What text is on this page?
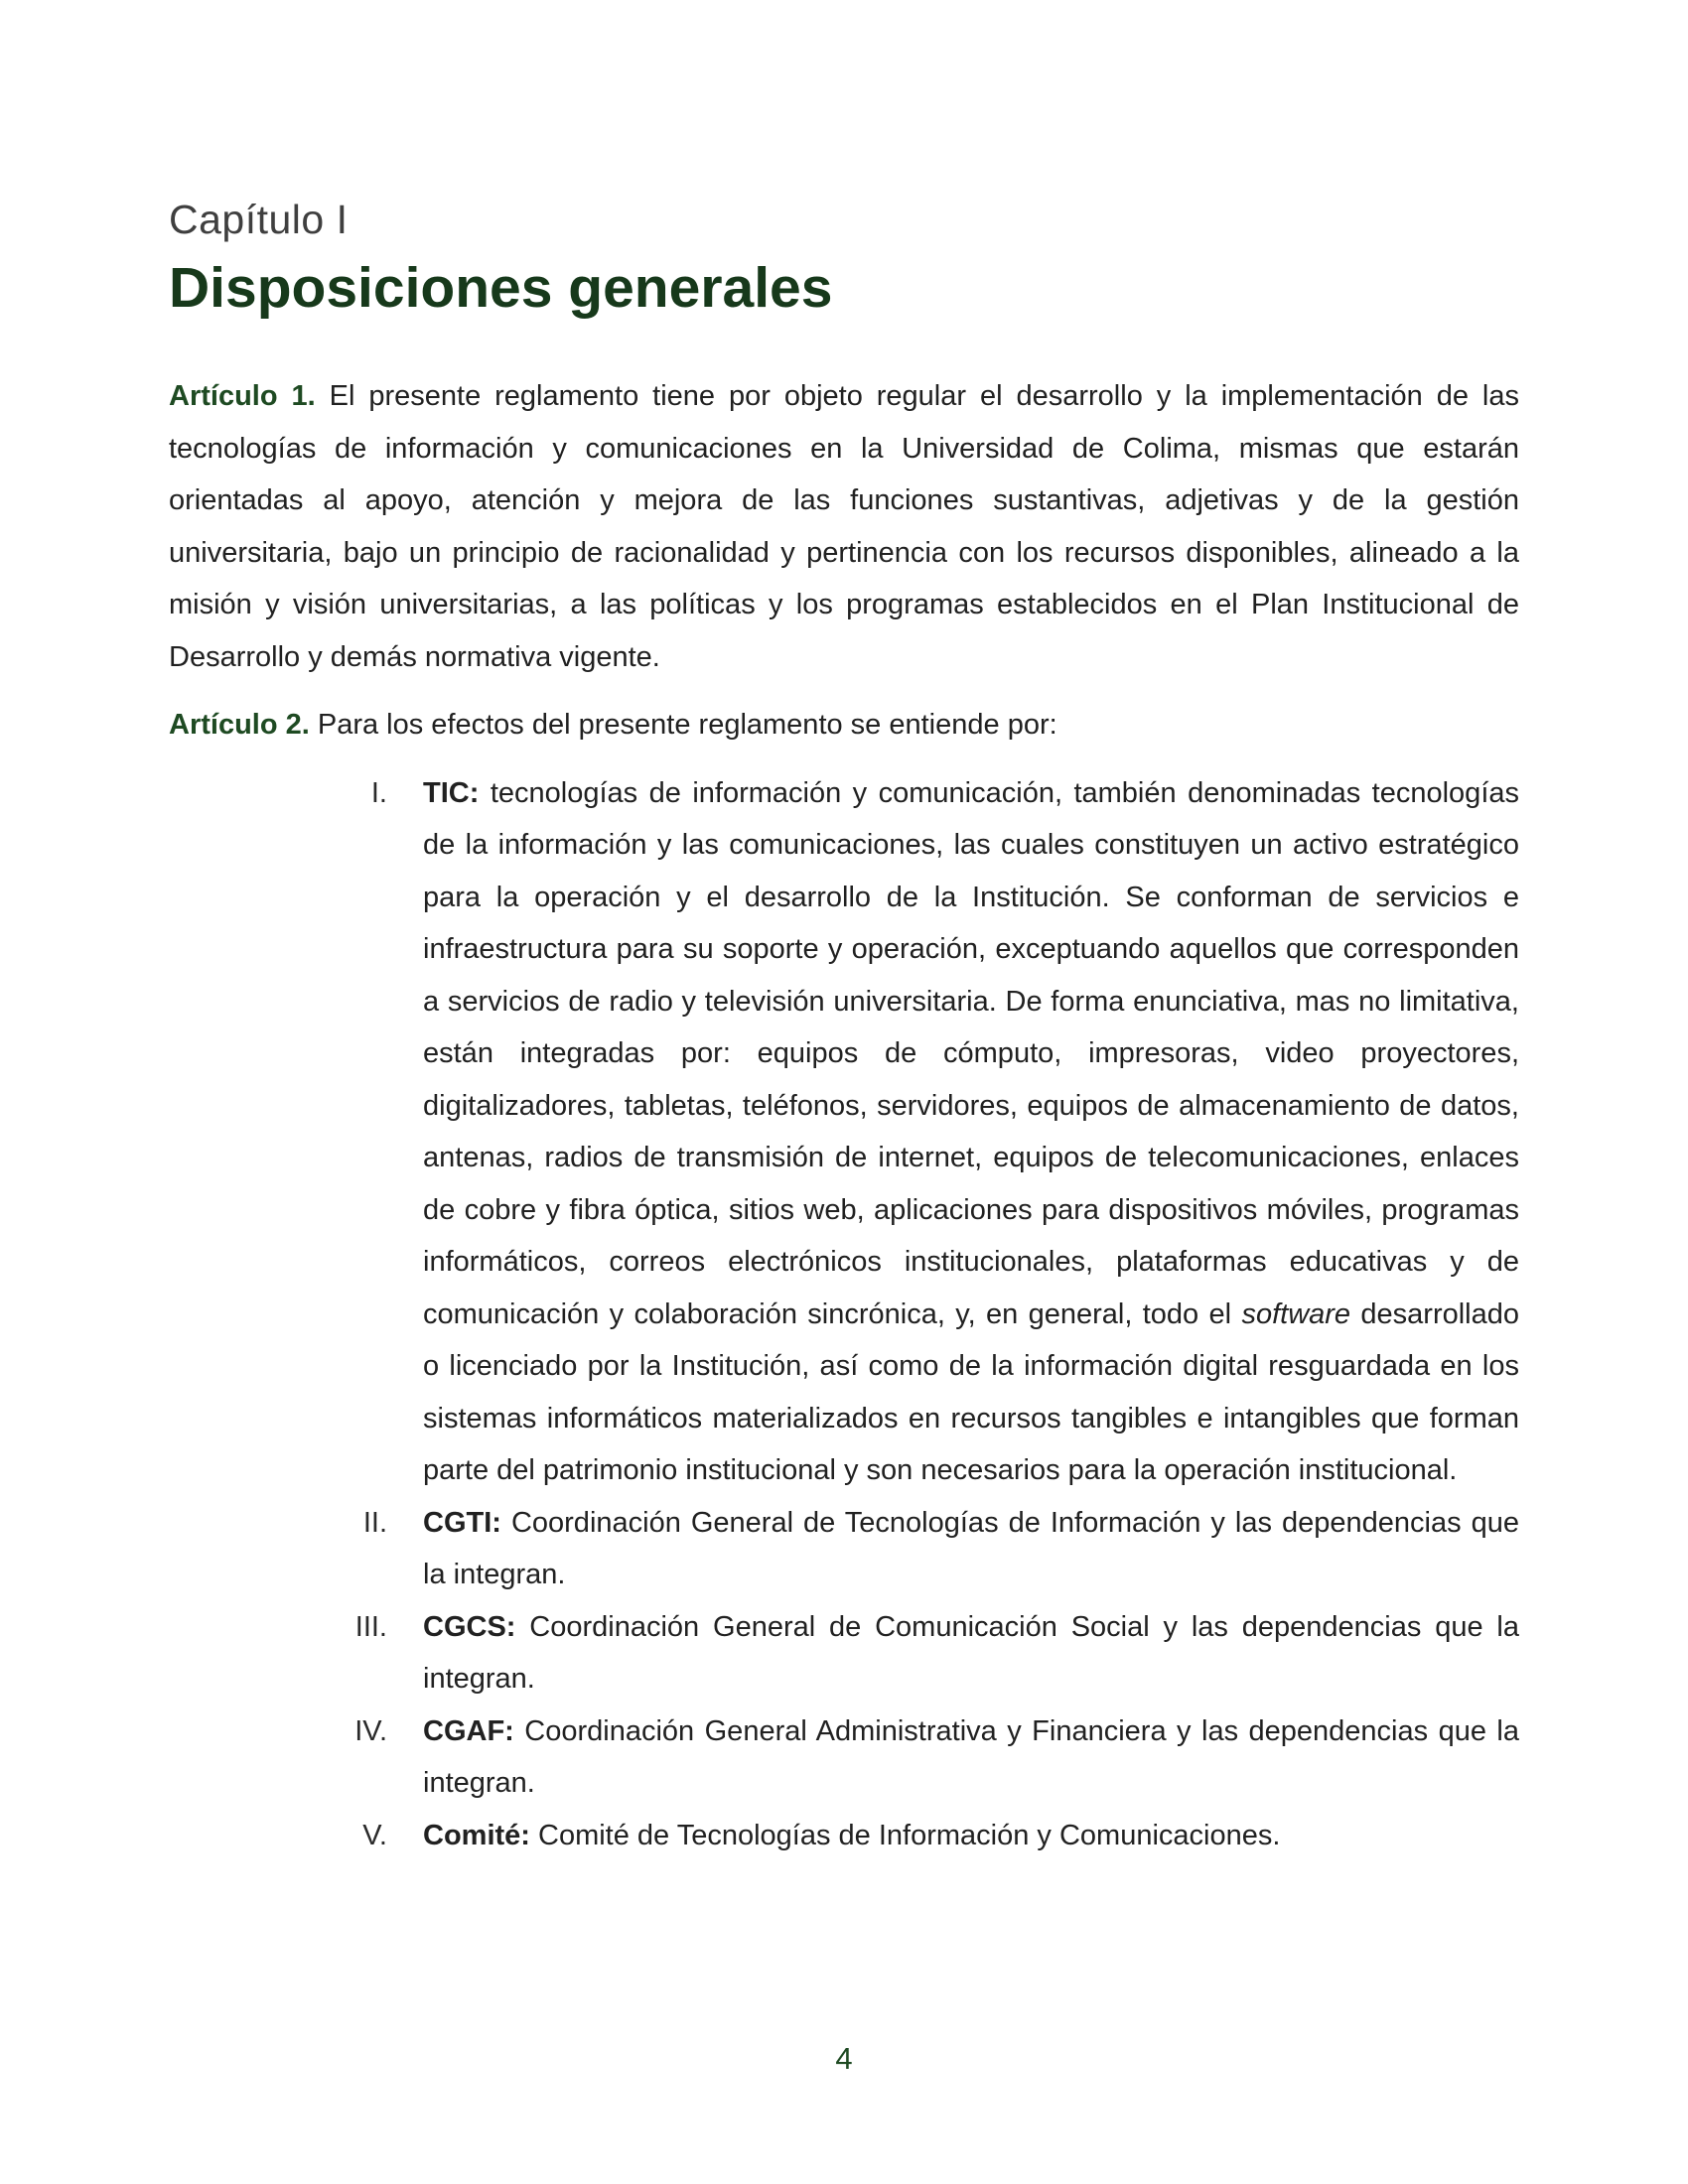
Capítulo I
Disposiciones generales

Artículo 1. El presente reglamento tiene por objeto regular el desarrollo y la implementación de las tecnologías de información y comunicaciones en la Universidad de Colima, mismas que estarán orientadas al apoyo, atención y mejora de las funciones sustantivas, adjetivas y de la gestión universitaria, bajo un principio de racionalidad y pertinencia con los recursos disponibles, alineado a la misión y visión universitarias, a las políticas y los programas establecidos en el Plan Institucional de Desarrollo y demás normativa vigente.

Artículo 2. Para los efectos del presente reglamento se entiende por:

I. TIC: tecnologías de información y comunicación, también denominadas tecnologías de la información y las comunicaciones, las cuales constituyen un activo estratégico para la operación y el desarrollo de la Institución. Se conforman de servicios e infraestructura para su soporte y operación, exceptuando aquellos que corresponden a servicios de radio y televisión universitaria. De forma enunciativa, mas no limitativa, están integradas por: equipos de cómputo, impresoras, video proyectores, digitalizadores, tabletas, teléfonos, servidores, equipos de almacenamiento de datos, antenas, radios de transmisión de internet, equipos de telecomunicaciones, enlaces de cobre y fibra óptica, sitios web, aplicaciones para dispositivos móviles, programas informáticos, correos electrónicos institucionales, plataformas educativas y de comunicación y colaboración sincrónica, y, en general, todo el software desarrollado o licenciado por la Institución, así como de la información digital resguardada en los sistemas informáticos materializados en recursos tangibles e intangibles que forman parte del patrimonio institucional y son necesarios para la operación institucional.
II. CGTI: Coordinación General de Tecnologías de Información y las dependencias que la integran.
III. CGCS: Coordinación General de Comunicación Social y las dependencias que la integran.
IV. CGAF: Coordinación General Administrativa y Financiera y las dependencias que la integran.
V. Comité: Comité de Tecnologías de Información y Comunicaciones.
4
